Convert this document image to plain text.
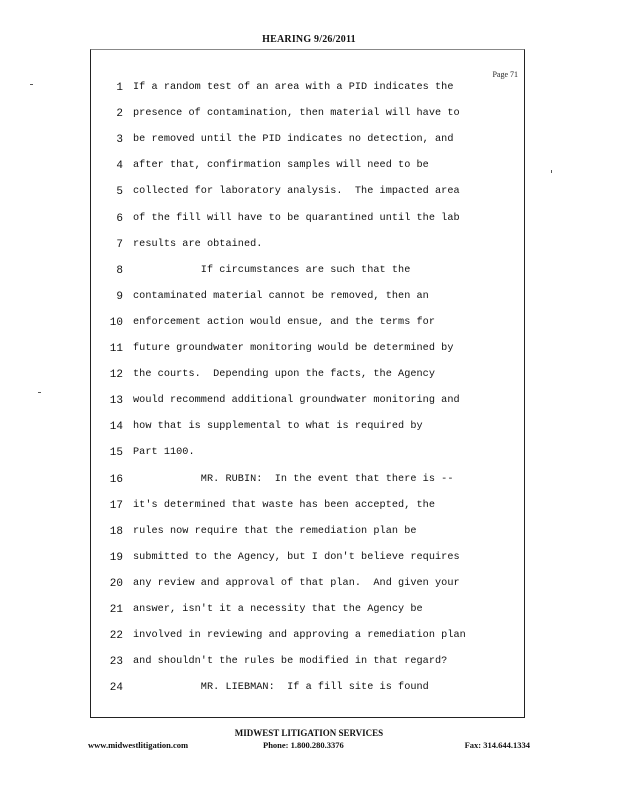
HEARING 9/26/2011
Page 71
1 If a random test of an area with a PID indicates the
2 presence of contamination, then material will have to
3 be removed until the PID indicates no detection, and
4 after that, confirmation samples will need to be
5 collected for laboratory analysis.  The impacted area
6 of the fill will have to be quarantined until the lab
7 results are obtained.
8 If circumstances are such that the
9 contaminated material cannot be removed, then an
10 enforcement action would ensue, and the terms for
11 future groundwater monitoring would be determined by
12 the courts.  Depending upon the facts, the Agency
13 would recommend additional groundwater monitoring and
14 how that is supplemental to what is required by
15 Part 1100.
16 MR. RUBIN:  In the event that there is --
17 it's determined that waste has been accepted, the
18 rules now require that the remediation plan be
19 submitted to the Agency, but I don't believe requires
20 any review and approval of that plan.  And given your
21 answer, isn't it a necessity that the Agency be
22 involved in reviewing and approving a remediation plan
23 and shouldn't the rules be modified in that regard?
24 MR. LIEBMAN:  If a fill site is found
MIDWEST LITIGATION SERVICES
www.midwestlitigation.com	Phone: 1.800.280.3376	Fax: 314.644.1334
